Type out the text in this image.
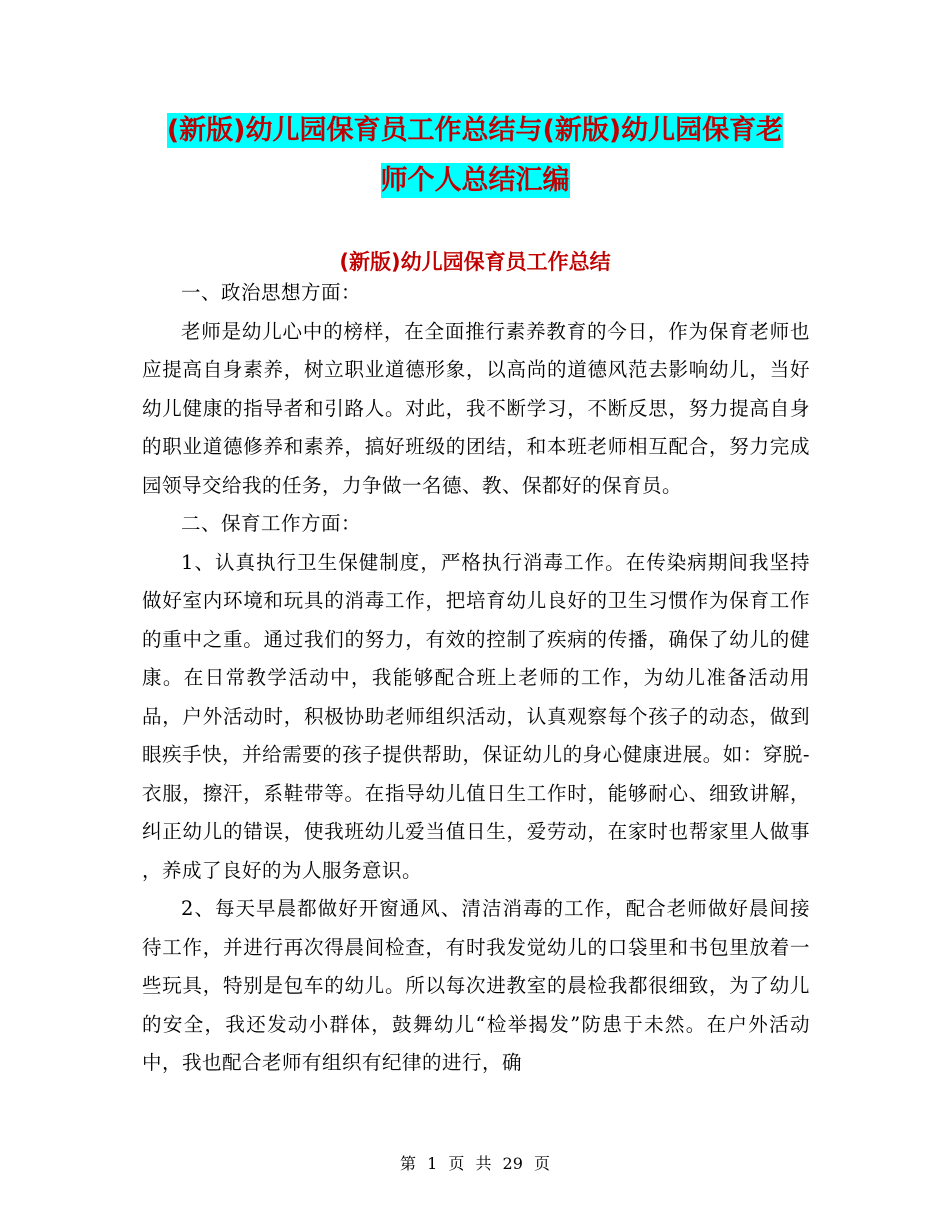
(新版)幼儿园保育员工作总结与(新版)幼儿园保育老
师个人总结汇编
(新版)幼儿园保育员工作总结

一、政治思想方面：

老师是幼儿心中的榜样，在全面推行素养教育的今日，作为保育老师也应提高自身素养，树立职业道德形象，以高尚的道德风范去影响幼儿，当好幼儿健康的指导者和引路人。对此，我不断学习，不断反思，努力提高自身的职业道德修养和素养，搞好班级的团结，和本班老师相互配合，努力完成园领导交给我的任务，力争做一名德、教、保都好的保育员。

二、保育工作方面：

1、认真执行卫生保健制度，严格执行消毒工作。在传染病期间我坚持做好室内环境和玩具的消毒工作，把培育幼儿良好的卫生习惯作为保育工作的重中之重。通过我们的努力，有效的控制了疾病的传播，确保了幼儿的健康。在日常教学活动中，我能够配合班上老师的工作，为幼儿准备活动用品，户外活动时，积极协助老师组织活动，认真观察每个孩子的动态，做到眼疾手快，并给需要的孩子提供帮助，保证幼儿的身心健康进展。如：穿脱-衣服，擦汗，系鞋带等。在指导幼儿值日生工作时，能够耐心、细致讲解，纠正幼儿的错误，使我班幼儿爱当值日生，爱劳动，在家时也帮家里人做事 ，养成了良好的为人服务意识。

2、每天早晨都做好开窗通风、清洁消毒的工作，配合老师做好晨间接待工作，并进行再次得晨间检查，有时我发觉幼儿的口袋里和书包里放着一些玩具，特别是包车的幼儿。所以每次进教室的晨检我都很细致，为了幼儿的安全，我还发动小群体，鼓舞幼儿“检举揭发”防患于未然。在户外活动中，我也配合老师有组织有纪律的进行，确

第 1 页 共 29 页
